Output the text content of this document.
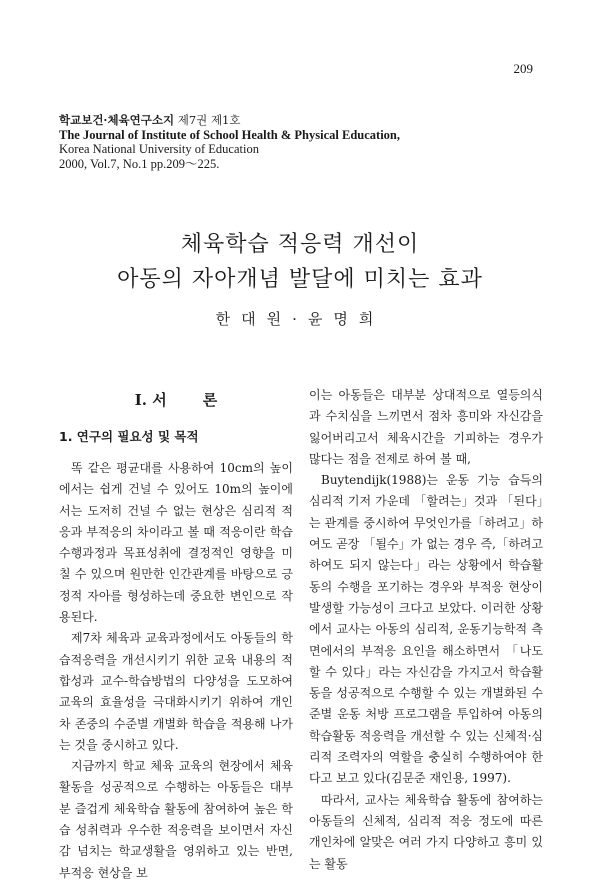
209
학교보건·체육연구소지 제7권 제1호
The Journal of Institute of School Health & Physical Education,
Korea National University of Education
2000, Vol.7, No.1 pp.209～225.
체육학습 적응력 개선이
아동의 자아개념 발달에 미치는 효과
한대원·윤명희
I. 서 론
1. 연구의 필요성 및 목적

똑 같은 평균대를 사용하여 10cm의 높이에서는 쉽게 건널 수 있어도 10m의 높이에서는 도저히 건널 수 없는 현상은 심리적 적응과 부적응의 차이라고 볼 때 적응이란 학습 수행과정과 목표성취에 결정적인 영향을 미칠 수 있으며 원만한 인간관계를 바탕으로 긍정적 자아를 형성하는데 중요한 변인으로 작용된다.

제7차 체육과 교육과정에서도 아동들의 학습적응력을 개선시키기 위한 교육 내용의 적합성과 교수-학습방법의 다양성을 도모하여 교육의 효율성을 극대화시키기 위하여 개인차 존중의 수준별 개별화 학습을 적용해 나가는 것을 중시하고 있다.

지금까지 학교 체육 교육의 현장에서 체육활동을 성공적으로 수행하는 아동들은 대부분 즐겁게 체육학습 활동에 참여하여 높은 학습 성취력과 우수한 적응력을 보이면서 자신감 넘치는 학교생활을 영위하고 있는 반면, 부적응 현상을 보

이는 아동들은 대부분 상대적으로 열등의식과 수치심을 느끼면서 점차 흥미와 자신감을 잃어버리고서 체육시간을 기피하는 경우가 많다는 점을 전제로 하여 볼 때,

Buytendijk(1988)는 운동 기능 습득의 심리적 기저 가운데 「할려는」것과 「된다」는 관계를 중시하여 무엇인가를「하려고」하여도 곧장 「될수」가 없는 경우 즉,「하려고 하여도 되지 않는다」라는 상황에서 학습활동의 수행을 포기하는 경우와 부적응 현상이 발생할 가능성이 크다고 보았다. 이러한 상황에서 교사는 아동의 심리적, 운동기능학적 측면에서의 부적응 요인을 해소하면서 「나도 할 수 있다」라는 자신감을 가지고서 학습활동을 성공적으로 수행할 수 있는 개별화된 수준별 운동 처방 프로그램을 투입하여 아동의 학습활동 적응력을 개선할 수 있는 신체적·심리적 조력자의 역할을 충실히 수행하여야 한다고 보고 있다(김문준 재인용, 1997).

따라서, 교사는 체육학습 활동에 참여하는 아동들의 신체적, 심리적 적응 정도에 따른 개인차에 알맞은 여러 가지 다양하고 흥미 있는 활동
